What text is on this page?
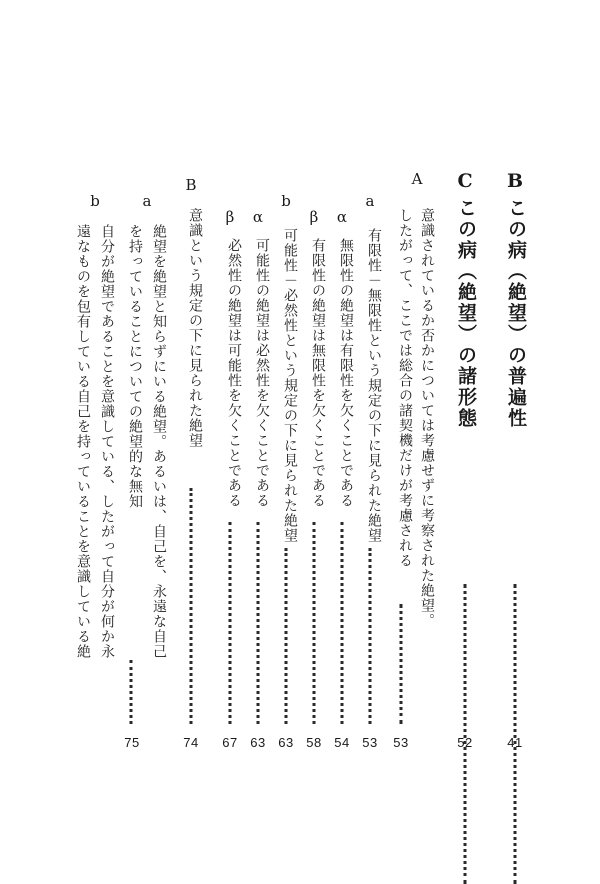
B
この病（絶望）の普遍性
41
C
この病（絶望）の諸形態
52
A
意識されているか否かについては考慮せずに考察された絶望。
したがって、ここでは総合の諸契機だけが考慮される
53
a
有限性－無限性という規定の下に見られた絶望
53
α
無限性の絶望は有限性を欠くことである
54
β
有限性の絶望は無限性を欠くことである
58
b
可能性－必然性という規定の下に見られた絶望
63
α
可能性の絶望は必然性を欠くことである
63
β
必然性の絶望は可能性を欠くことである
67
B
意識という規定の下に見られた絶望
74
a
絶望を絶望と知らずにいる絶望。あるいは、自己を、永遠な自己
を持っていることについての絶望的な無知
75
b
自分が絶望であることを意識している、したがって自分が何か永
遠なものを包有している自己を持っていることを意識している絶
